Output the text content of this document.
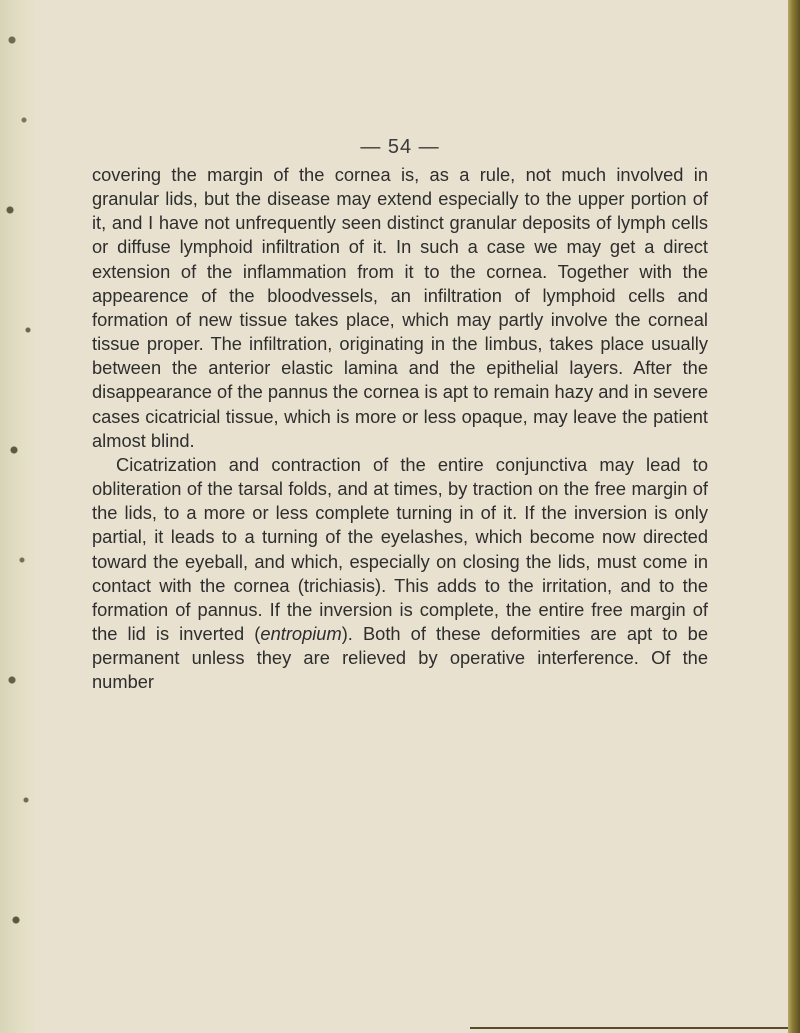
— 54 —

covering the margin of the cornea is, as a rule, not much involved in granular lids, but the disease may extend especially to the upper portion of it, and I have not unfrequently seen distinct granular deposits of lymph cells or diffuse lymphoid infiltration of it. In such a case we may get a direct extension of the inflammation from it to the cornea. Together with the appearence of the bloodvessels, an infiltration of lymphoid cells and formation of new tissue takes place, which may partly involve the corneal tissue proper. The infiltration, originating in the limbus, takes place usually between the anterior elastic lamina and the epithelial layers. After the disappearance of the pannus the cornea is apt to remain hazy and in severe cases cicatricial tissue, which is more or less opaque, may leave the patient almost blind.

Cicatrization and contraction of the entire conjunctiva may lead to obliteration of the tarsal folds, and at times, by traction on the free margin of the lids, to a more or less complete turning in of it. If the inversion is only partial, it leads to a turning of the eyelashes, which become now directed toward the eyeball, and which, especially on closing the lids, must come in contact with the cornea (trichiasis). This adds to the irritation, and to the formation of pannus. If the inversion is complete, the entire free margin of the lid is inverted (entropium). Both of these deformities are apt to be permanent unless they are relieved by operative interference. Of the number
